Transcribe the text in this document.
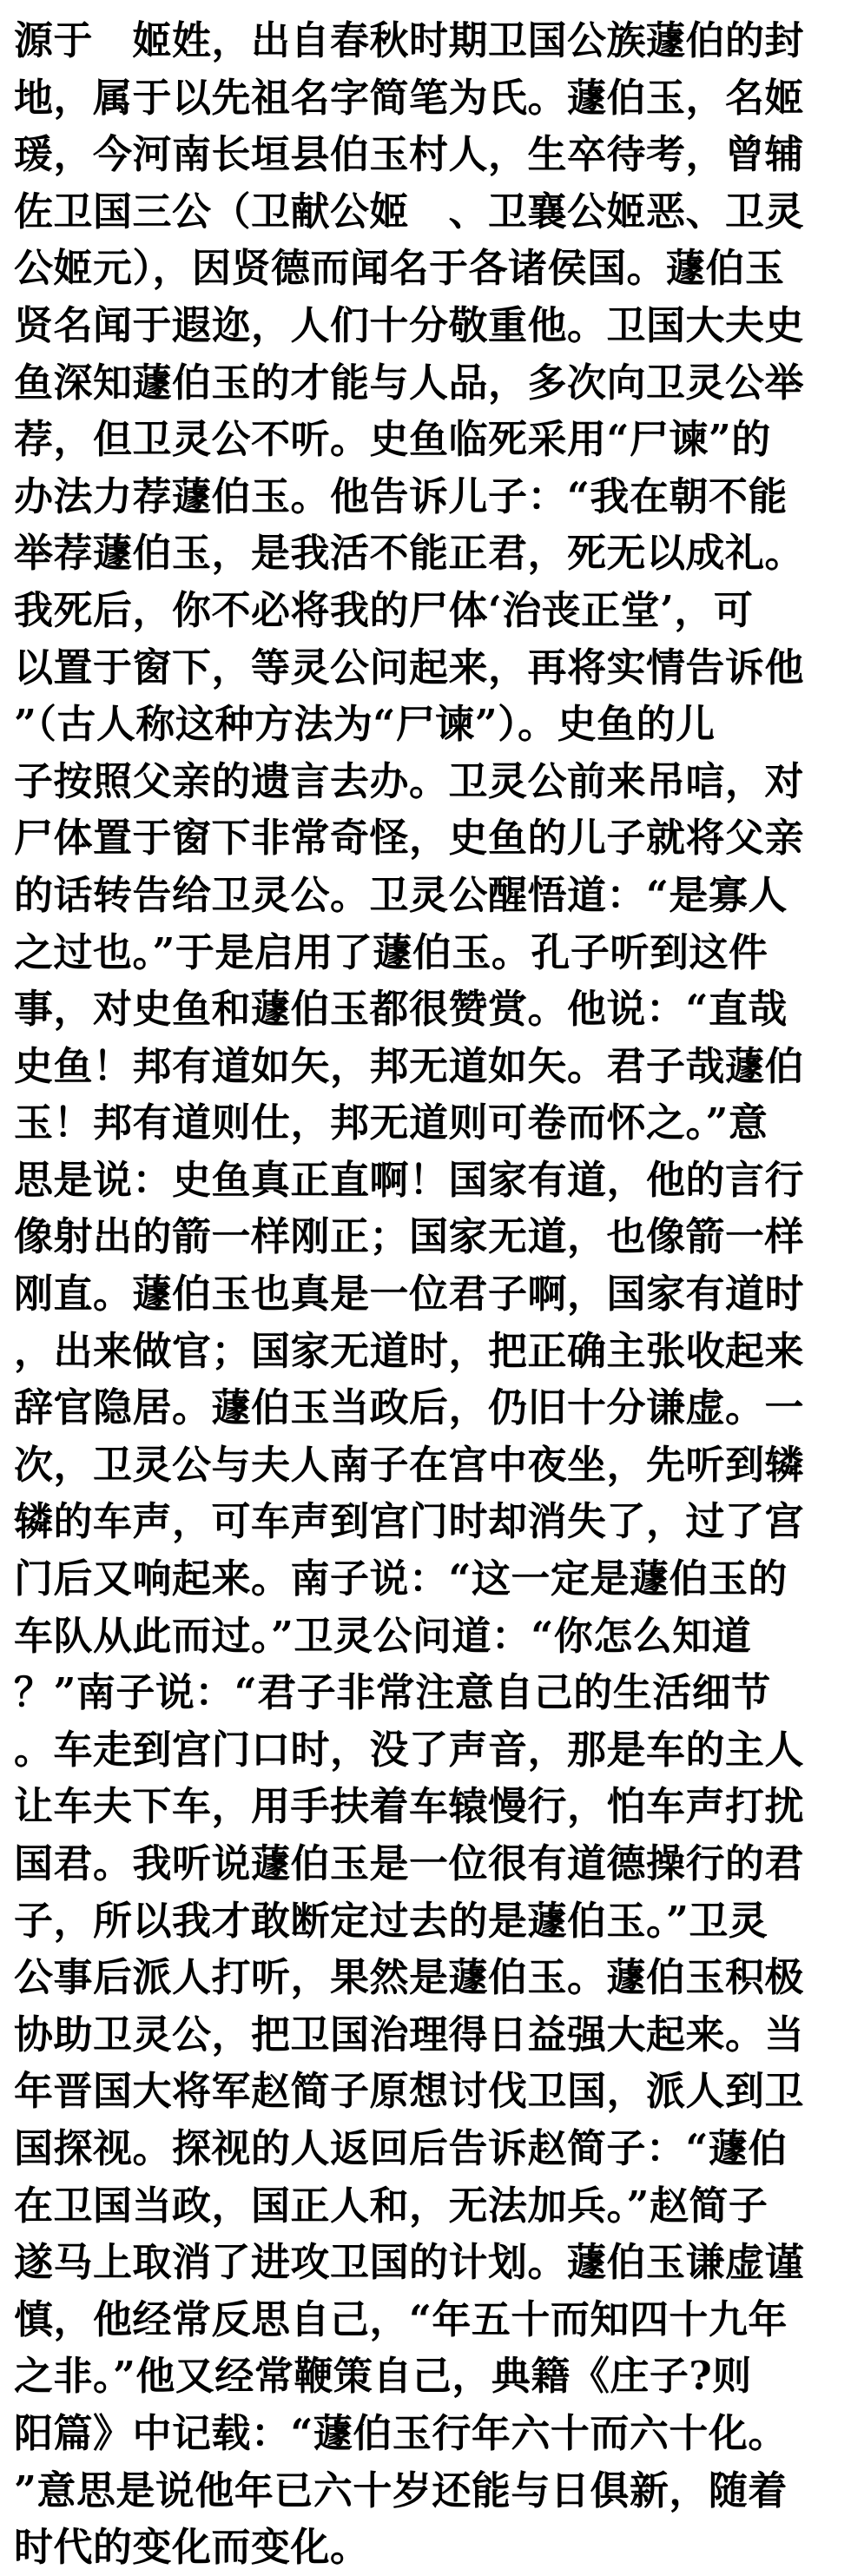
源于　姬姓，出自春秋时期卫国公族蘧伯的封
地，属于以先祖名字简笔为氏。蘧伯玉，名姬
瑗，今河南长垣县伯玉村人，生卒待考，曾辅
佐卫国三公（卫献公姬　、卫襄公姬恶、卫灵
公姬元），因贤德而闻名于各诸侯国。蘧伯玉
贤名闻于遐迩，人们十分敬重他。卫国大夫史
鱼深知蘧伯玉的才能与人品，多次向卫灵公举
荐，但卫灵公不听。史鱼临死采用“尸谏”的
办法力荐蘧伯玉。他告诉儿子：“我在朝不能
举荐蘧伯玉，是我活不能正君，死无以成礼。
我死后，你不必将我的尸体‘治丧正堂’，可
以置于窗下，等灵公问起来，再将实情告诉他
”（古人称这种方法为“尸谏”）。史鱼的儿
子按照父亲的遗言去办。卫灵公前来吊唁，对
尸体置于窗下非常奇怪，史鱼的儿子就将父亲
的话转告给卫灵公。卫灵公醒悟道：“是寡人
之过也。”于是启用了蘧伯玉。孔子听到这件
事，对史鱼和蘧伯玉都很赞赏。他说：“直哉
史鱼！邦有道如矢，邦无道如矢。君子哉蘧伯
玉！邦有道则仕，邦无道则可卷而怀之。”意
思是说：史鱼真正直啊！国家有道，他的言行
像射出的箭一样刚正；国家无道，也像箭一样
刚直。蘧伯玉也真是一位君子啊，国家有道时
，出来做官；国家无道时，把正确主张收起来
辞官隐居。蘧伯玉当政后，仍旧十分谦虚。一
次，卫灵公与夫人南子在宫中夜坐，先听到辚
辚的车声，可车声到宫门时却消失了，过了宫
门后又响起来。南子说：“这一定是蘧伯玉的
车队从此而过。”卫灵公问道：“你怎么知道
？”南子说：“君子非常注意自己的生活细节
。车走到宫门口时，没了声音，那是车的主人
让车夫下车，用手扶着车辕慢行，怕车声打扰
国君。我听说蘧伯玉是一位很有道德操行的君
子，所以我才敢断定过去的是蘧伯玉。”卫灵
公事后派人打听，果然是蘧伯玉。蘧伯玉积极
协助卫灵公，把卫国治理得日益强大起来。当
年晋国大将军赵简子原想讨伐卫国，派人到卫
国探视。探视的人返回后告诉赵简子：“蘧伯
在卫国当政，国正人和，无法加兵。”赵简子
遂马上取消了进攻卫国的计划。蘧伯玉谦虚谨
慎，他经常反思自己，“年五十而知四十九年
之非。”他又经常鞭策自己，典籍《庄子?则
阳篇》中记载：“蘧伯玉行年六十而六十化。
”意思是说他年已六十岁还能与日俱新，随着
时代的变化而变化。
